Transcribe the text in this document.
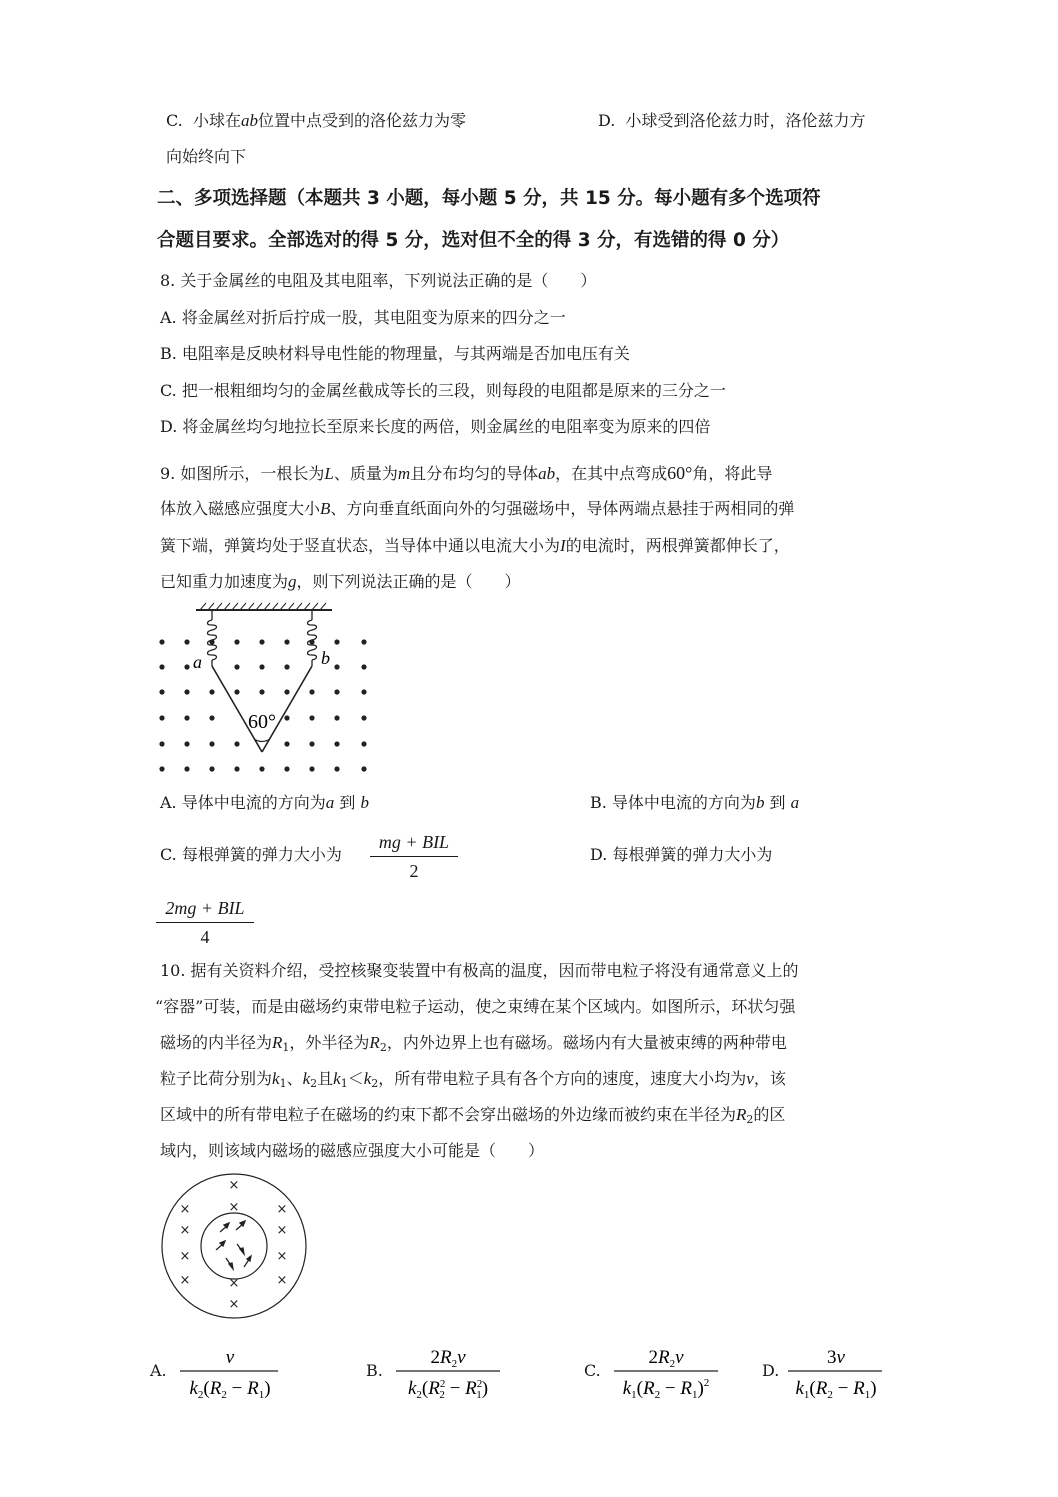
C. 小球在ab位置中点受到的洛伦兹力为零	D. 小球受到洛伦兹力时，洛伦兹力方
向始终向下
二、多项选择题（本题共 3 小题，每小题 5 分，共 15 分。每小题有多个选项符
合题目要求。全部选对的得 5 分，选对但不全的得 3 分，有选错的得 0 分）
8. 关于金属丝的电阻及其电阻率，下列说法正确的是（　　）
A. 将金属丝对折后拧成一股，其电阻变为原来的四分之一
B. 电阻率是反映材料导电性能的物理量，与其两端是否加电压有关
C. 把一根粗细均匀的金属丝截成等长的三段，则每段的电阻都是原来的三分之一
D. 将金属丝均匀地拉长至原来长度的两倍，则金属丝的电阻率变为原来的四倍
9. 如图所示，一根长为L、质量为m且分布均匀的导体ab，在其中点弯成60°角，将此导
体放入磁感应强度大小B、方向垂直纸面向外的匀强磁场中，导体两端点悬挂于两相同的弹
簧下端，弹簧均处于竖直状态，当导体中通以电流大小为I的电流时，两根弹簧都伸长了，
已知重力加速度为g，则下列说法正确的是（　　）
a	b
60°
A. 导体中电流的方向为a 到 b	B. 导体中电流的方向为b 到 a
C. 每根弹簧的弹力大小为
mg + BIL
2
D. 每根弹簧的弹力大小为
2mg + BIL
4
10. 据有关资料介绍，受控核聚变装置中有极高的温度，因而带电粒子将没有通常意义上的
“容器”可装，而是由磁场约束带电粒子运动，使之束缚在某个区域内。如图所示，环状匀强
磁场的内半径为$R_1$，外半径为$R_2$，内外边界上也有磁场。磁场内有大量被束缚的两种带电
粒子比荷分别为$k_1$、$k_2$且$k_1<k_2$，所有带电粒子具有各个方向的速度，速度大小均为v，该
区域中的所有带电粒子在磁场的约束下都不会穿出磁场的外边缘而被约束在半径为$R_2$的区
域内，则该域内磁场的磁感应强度大小可能是（　　）
×
×
×	×
×	×
×	×
×	×
×
×
A.
v
$k_2(R_2 - R_1)$
B.
$2R_2v$
$k_2(R^2$ $2 - R^2$ 1)
C.
$2R_2v$
$k_1(R_2 - R_1)^2$
D.
3v
$k_1(R_2 - R_1)$
